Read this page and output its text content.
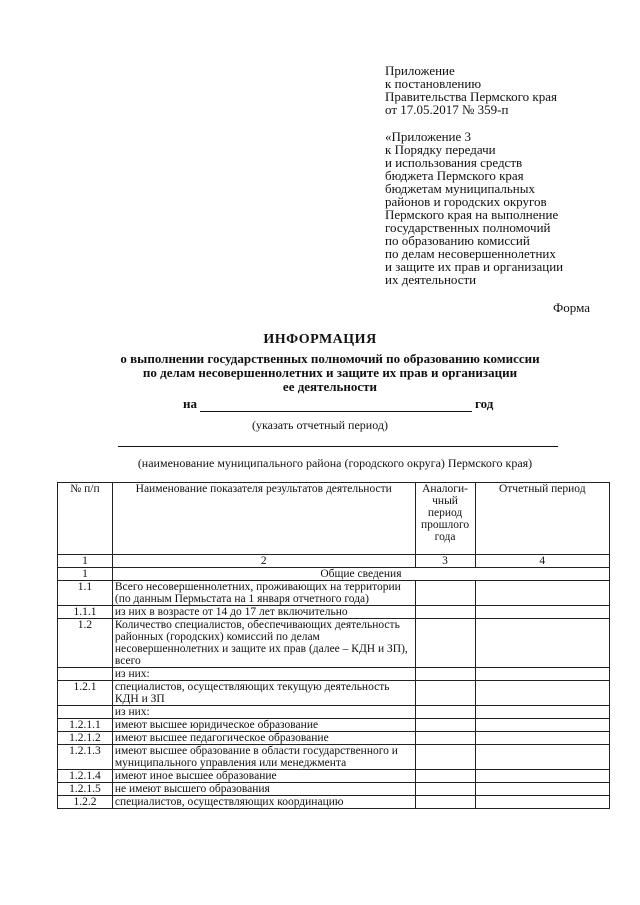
Приложение
к постановлению
Правительства Пермского края
от 17.05.2017 № 359-п
«Приложение 3
к Порядку передачи
и использования средств
бюджета Пермского края
бюджетам муниципальных
районов и городских округов
Пермского края на выполнение
государственных полномочий
по образованию комиссий
по делам несовершеннолетних
и защите их прав и организации
их деятельности
Форма
ИНФОРМАЦИЯ
о выполнении государственных полномочий по образованию комиссии
по делам несовершеннолетних и защите их прав и организации
ее деятельности
на	год
(указать отчетный период)
(наименование муниципального района (городского округа) Пермского края)
№ п/п	Наименование показателя результатов деятельности	Аналоги-чный период прошлого года	Отчетный период
1	2	3	4
1	Общие сведения		
1.1	Всего несовершеннолетних, проживающих на территории (по данным Пермьстата на 1 января отчетного года)		
1.1.1	из них в возрасте от 14 до 17 лет включительно		
1.2	Количество специалистов, обеспечивающих деятельность районных (городских) комиссий по делам несовершеннолетних и защите их прав (далее – КДН и ЗП), всего		
	из них:		
1.2.1	специалистов, осуществляющих текущую деятельность КДН и ЗП		
	из них:		
1.2.1.1	имеют высшее юридическое образование		
1.2.1.2	имеют высшее педагогическое образование		
1.2.1.3	имеют высшее образование в области государственного и муниципального управления или менеджмента		
1.2.1.4	имеют иное высшее образование		
1.2.1.5	не имеют высшего образования		
1.2.2	специалистов, осуществляющих координацию		
